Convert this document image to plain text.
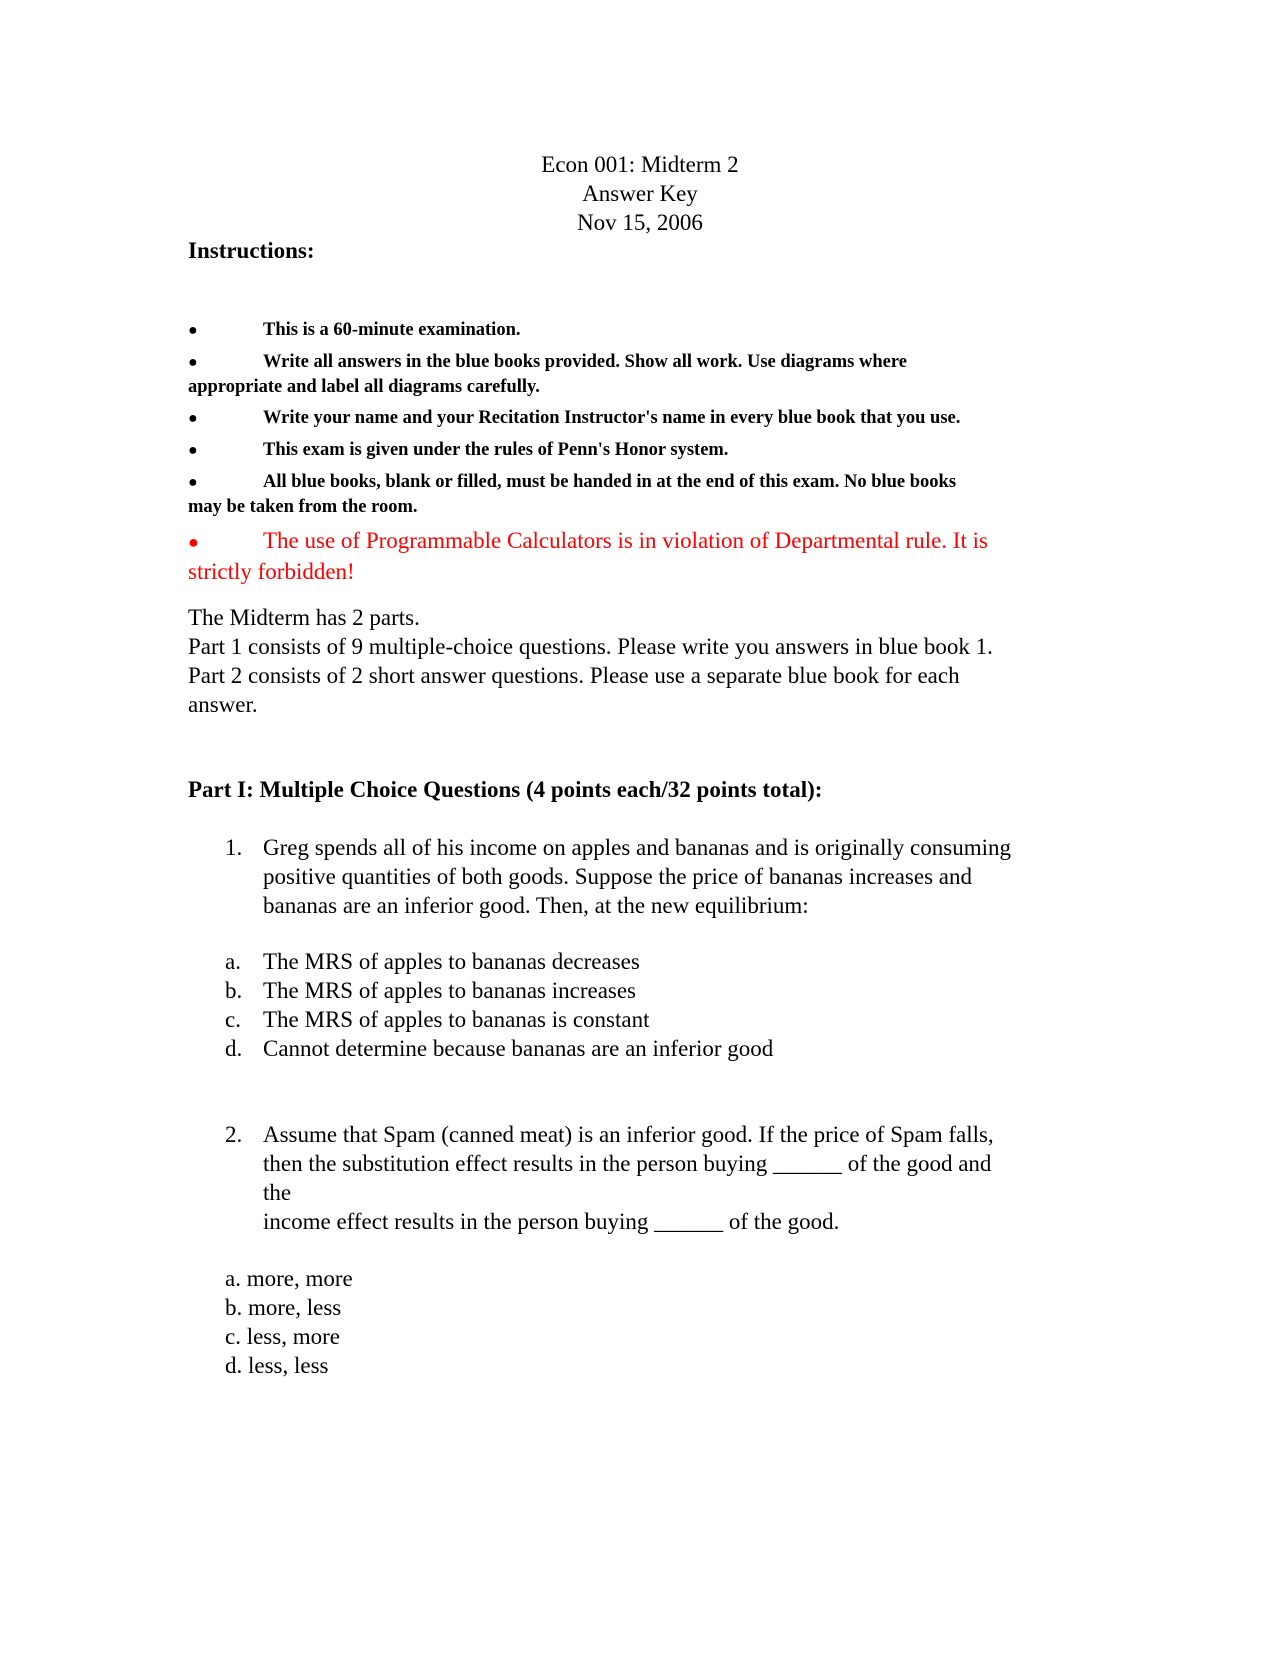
Econ 001: Midterm 2
Answer Key
Nov 15, 2006
Instructions:
●	This is a 60-minute examination.
●	Write all answers in the blue books provided. Show all work. Use diagrams where
appropriate and label all diagrams carefully.
●	Write your name and your Recitation Instructor's name in every blue book that you use.
●	This exam is given under the rules of Penn's Honor system.
●	All blue books, blank or filled, must be handed in at the end of this exam. No blue books
may be taken from the room.
●	The use of Programmable Calculators is in violation of Departmental rule. It is
strictly forbidden!
The Midterm has 2 parts.
Part 1 consists of 9 multiple-choice questions. Please write you answers in blue book 1.
Part 2 consists of 2 short answer questions. Please use a separate blue book for each
answer.
Part I: Multiple Choice Questions (4 points each/32 points total):
1. Greg spends all of his income on apples and bananas and is originally consuming
positive quantities of both goods. Suppose the price of bananas increases and
bananas are an inferior good. Then, at the new equilibrium:
a. The MRS of apples to bananas decreases
b. The MRS of apples to bananas increases
c. The MRS of apples to bananas is constant
d. Cannot determine because bananas are an inferior good
2. Assume that Spam (canned meat) is an inferior good. If the price of Spam falls,
then the substitution effect results in the person buying ______ of the good and
the
income effect results in the person buying ______ of the good.
a. more, more
b. more, less
c. less, more
d. less, less
